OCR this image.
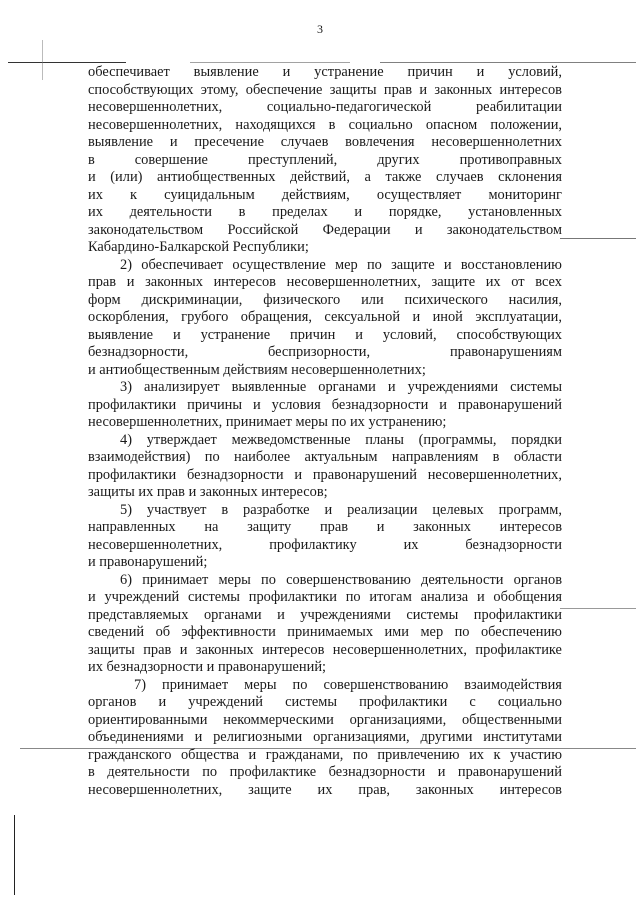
3
обеспечивает выявление и устранение причин и условий,
способствующих этому, обеспечение защиты прав и законных интересов
несовершеннолетних,	социально-педагогической	реабилитации
несовершеннолетних, находящихся в социально опасном положении,
выявление и пресечение случаев вовлечения несовершеннолетних
в	совершение	преступлений,	других	противоправных
и (или) антиобщественных действий, а также случаев склонения
их к суицидальным действиям, осуществляет мониторинг
их деятельности в пределах и порядке, установленных
законодательством Российской Федерации и законодательством
Кабардино-Балкарской Республики;
2) обеспечивает осуществление мер по защите и восстановлению
прав и законных интересов несовершеннолетних, защите их от всех
форм дискриминации, физического или психического насилия,
оскорбления, грубого обращения, сексуальной и иной эксплуатации,
выявление и устранение причин и условий, способствующих
безнадзорности,	беспризорности,	правонарушениям
и антиобщественным действиям несовершеннолетних;
3) анализирует выявленные органами и учреждениями системы
профилактики причины и условия безнадзорности и правонарушений
несовершеннолетних, принимает меры по их устранению;
4) утверждает межведомственные планы (программы, порядки
взаимодействия) по наиболее актуальным направлениям в области
профилактики безнадзорности и правонарушений несовершеннолетних,
защиты их прав и законных интересов;
5) участвует в разработке и реализации целевых программ,
направленных на защиту прав и законных интересов
несовершеннолетних,	профилактику	их	безнадзорности
и правонарушений;
6) принимает меры по совершенствованию деятельности органов
и учреждений системы профилактики по итогам анализа и обобщения
представляемых органами и учреждениями системы профилактики
сведений об эффективности принимаемых ими мер по обеспечению
защиты прав и законных интересов несовершеннолетних, профилактике
их безнадзорности и правонарушений;
7) принимает меры по совершенствованию взаимодействия
органов и учреждений системы профилактики с социально
ориентированными некоммерческими организациями, общественными
объединениями и религиозными организациями, другими институтами
гражданского общества и гражданами, по привлечению их к участию
в деятельности по профилактике безнадзорности и правонарушений
несовершеннолетних, защите их прав, законных интересов
